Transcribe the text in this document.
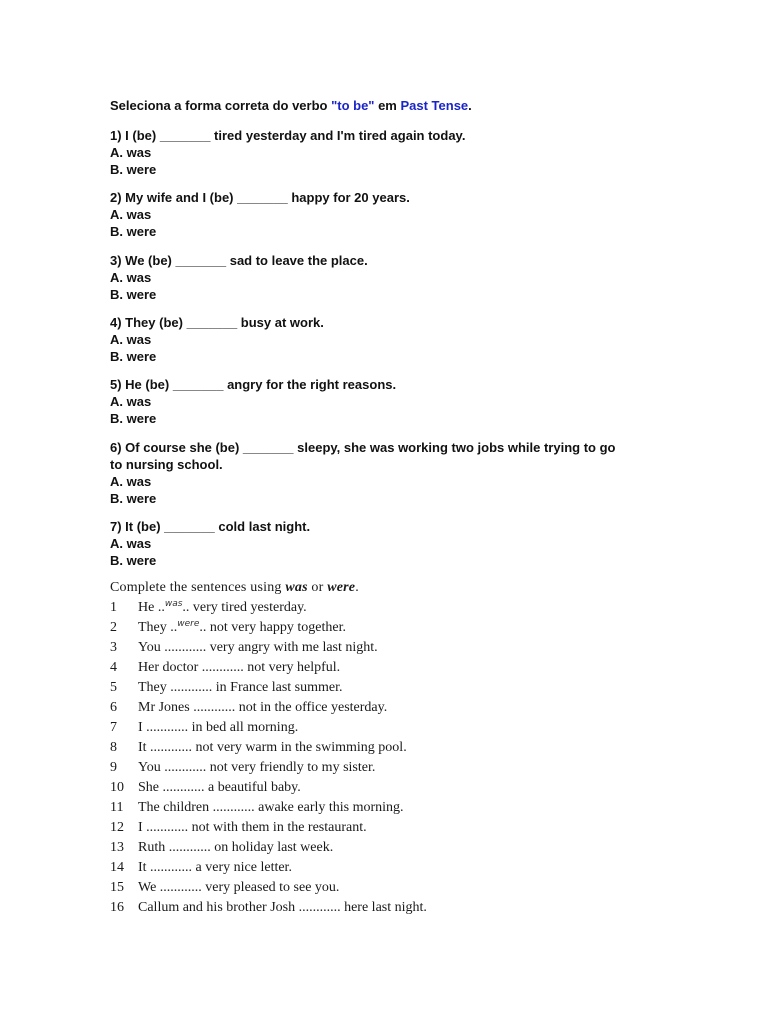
Seleciona a forma correta do verbo "to be" em Past Tense.
1) I (be) _______ tired yesterday and I'm tired again today.
A. was
B. were
2) My wife and I (be) _______ happy for 20 years.
A. was
B. were
3) We (be) _______ sad to leave the place.
A. was
B. were
4) They (be) _______ busy at work.
A. was
B. were
5) He (be) _______ angry for the right reasons.
A. was
B. were
6) Of course she (be) _______ sleepy, she was working two jobs while trying to go to nursing school.
A. was
B. were
7) It (be) _______ cold last night.
A. was
B. were
Complete the sentences using was or were.
1 He ..$^{was}$.. very tired yesterday.
2 They ..$^{were}$.. not very happy together.
3 You ............ very angry with me last night.
4 Her doctor ............ not very helpful.
5 They ............ in France last summer.
6 Mr Jones ............ not in the office yesterday.
7 I ............ in bed all morning.
8 It ............ not very warm in the swimming pool.
9 You ............ not very friendly to my sister.
10 She ............ a beautiful baby.
11 The children ............ awake early this morning.
12 I ............ not with them in the restaurant.
13 Ruth ............ on holiday last week.
14 It ............ a very nice letter.
15 We ............ very pleased to see you.
16 Callum and his brother Josh ............ here last night.
